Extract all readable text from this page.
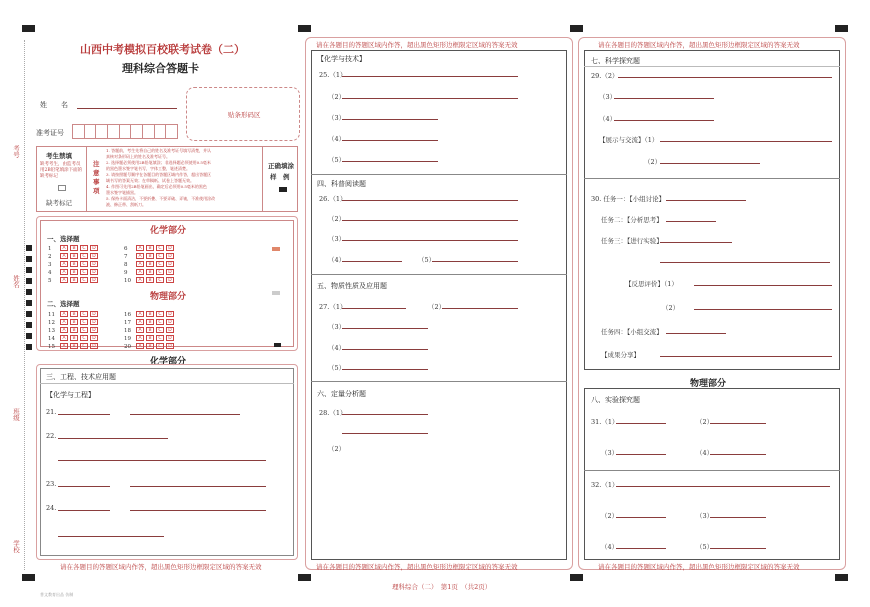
考号
姓名
班级
学校
山西中考模拟百校联考试卷（二）
理科综合答题卡
姓　　名
准考证号
贴条形码区
考生禁填
缺考考生，由监考员用2B铅笔填涂下面的缺考标记
缺考标记
注意事项
1. 答题前，考生先将自己的姓名及准考证号填写清楚，并认
真核对条形码上的姓名及准考证号。
2. 选择题必须使用2B铅笔填涂；非选择题必须使用0.5毫米
的黑色墨水签字笔书写，字体工整，笔迹清楚。
3. 请按照题号顺序在各题目的答题区域内作答，超出答题区
域书写的答案无效；在草稿纸、试卷上答题无效。
4. 作图可先用2B铅笔画出，确定后必须用0.5毫米的黑色
墨水签字笔描黑。
5. 保持卡面清洁，不要折叠、不要弄破、弄皱，不准使用涂改
液、修正带、刮纸刀。
正确填涂
样　例
化学部分
一、选择题
1 A B C D
2 A B C D
3 A B C D
4 A B C D
5 A B C D
6 A B C D
7 A B C D
8 A B C D
9 A B C D
10 A B C D
物理部分
二、选择题
11 A B C D
12 A B C D
13 A B C D
14 A B C D
15 A B C D
16 A B C D
17 A B C D
18 A B C D
19 A B C D
20 A B C D
化学部分
三、工程、技术应用题
【化学与工程】
21.
22.
23.
24.
请在各题目的答题区域内作答，超出黑色矩形边框限定区域的答案无效
请在各题目的答题区域内作答，超出黑色矩形边框限定区域的答案无效
【化学与技术】
25.（1）
（2）
（3）
（4）
（5）
四、科普阅读题
26.（1）
（2）
（3）
（4）	（5）
五、物质性质及应用题
27.（1）	（2）
（3）
（4）
（5）
六、定量分析题
28.（1）
（2）
请在各题目的答题区域内作答，超出黑色矩形边框限定区域的答案无效
请在各题目的答题区域内作答，超出黑色矩形边框限定区域的答案无效
七、科学探究题
29.（2）
（3）
（4）
【展示与交流】（1）
（2）
30. 任务一：【小组讨论】
任务二：【分析思考】
任务三：【进行实验】
【反思评价】（1）
（2）
任务四：【小组交流】
【成果分享】
物理部分
八、实验探究题
31.（1）	（2）
（3）	（4）
32.（1）
（2）	（3）
（4）	（5）
请在各题目的答题区域内作答，超出黑色矩形边框限定区域的答案无效
理科综合（二）　第1页　（共2页）
普文教育出品 仿制
